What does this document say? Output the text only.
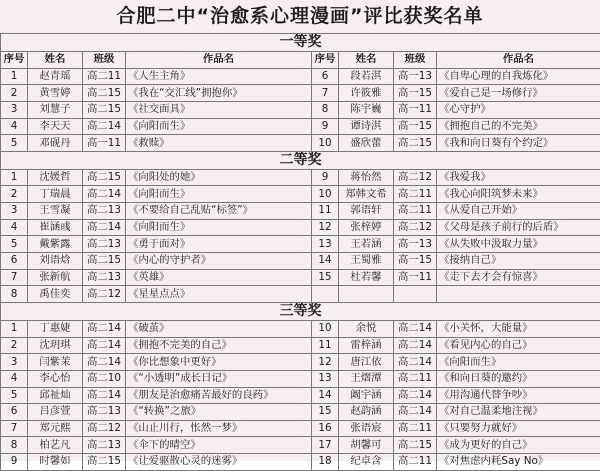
合肥二中“治愈系心理漫画”评比获奖名单
一等奖							
序号	姓名	班级	作品名	序号	姓名	班级	作品名
1	赵青瑶	高二11	《人生主角》	6	段若淇	高一13	《自卑心理的自我炼化》
2	黄雪婷	高二15	《我在“交汇线”拥抱你》	7	许筱雅	高一15	《爱自己是一场修行》
3	刘慧子	高二15	《社交面具》	8	陈宇巍	高一11	《心守护》
4	李天天	高二14	《向阳而生》	9	谭诗淇	高一15	《拥抱自己的不完美》
5	邓砚丹	高一11	《救赎》	10	盛欣蕾	高二15	《我和向日葵有个约定》
二等奖							
1	沈媛哲	高二15	《向阳处的她》	9	蒋怡然	高二12	《我爱我》
2	丁瑞晨	高二14	《向阳而生》	10	郑韩文希	高二11	《我心向阳筑梦未来》
3	王雪凝	高二13	《不要给自己乱贴“标签”》	11	郭语轩	高二11	《从爱自己开始》
4	崔涵彧	高二14	《向阳而生》	12	张梓婷	高二12	《父母是孩子前行的后盾》
5	戴紫露	高二13	《勇于面对》	13	王若涵	高一13	《从失败中汲取力量》
6	刘语焓	高二15	《内心的守护者》	14	王蜀雅	高一15	《接纳自己》
7	张新航	高二13	《英雄》	15	杜若馨	高一11	《走下去才会有惊喜》
8	禹佳奕	高二12	《星星点点》				
三等奖							
1	丁惠婕	高二14	《破茧》	10	余悦	高二14	《小关怀，大能量》
2	沈玥琪	高二14	《拥抱不完美的自己》	11	雷梓涵	高二14	《看见内心的自己》
3	闫紫茉	高二14	《你比想象中更好》	12	唐江依	高二14	《向阳而生》
4	李心怡	高二10	《“小透明”成长日记》	13	王熠潭	高二11	《和向日葵的邀约》
5	邱祉灿	高二14	《朋友是治愈痛苦最好的良药》	14	阚宇涵	高二14	《用沟通代替争吵》
6	吕彦萱	高二13	《“转换”之旅》	15	赵韵涵	高二14	《对自己温柔地注视》
7	郑元熙	高二12	《山止川行，怅然一梦》	16	张语宸	高二11	《只要努力就好》
8	柏艺凡	高二13	《伞下的晴空》	17	胡馨可	高二15	《成为更好的自己》
9	时馨如	高二15	《让爱驱散心灵的迷雾》	18	纪卓含	高二11	《对焦虑内耗Say No》
